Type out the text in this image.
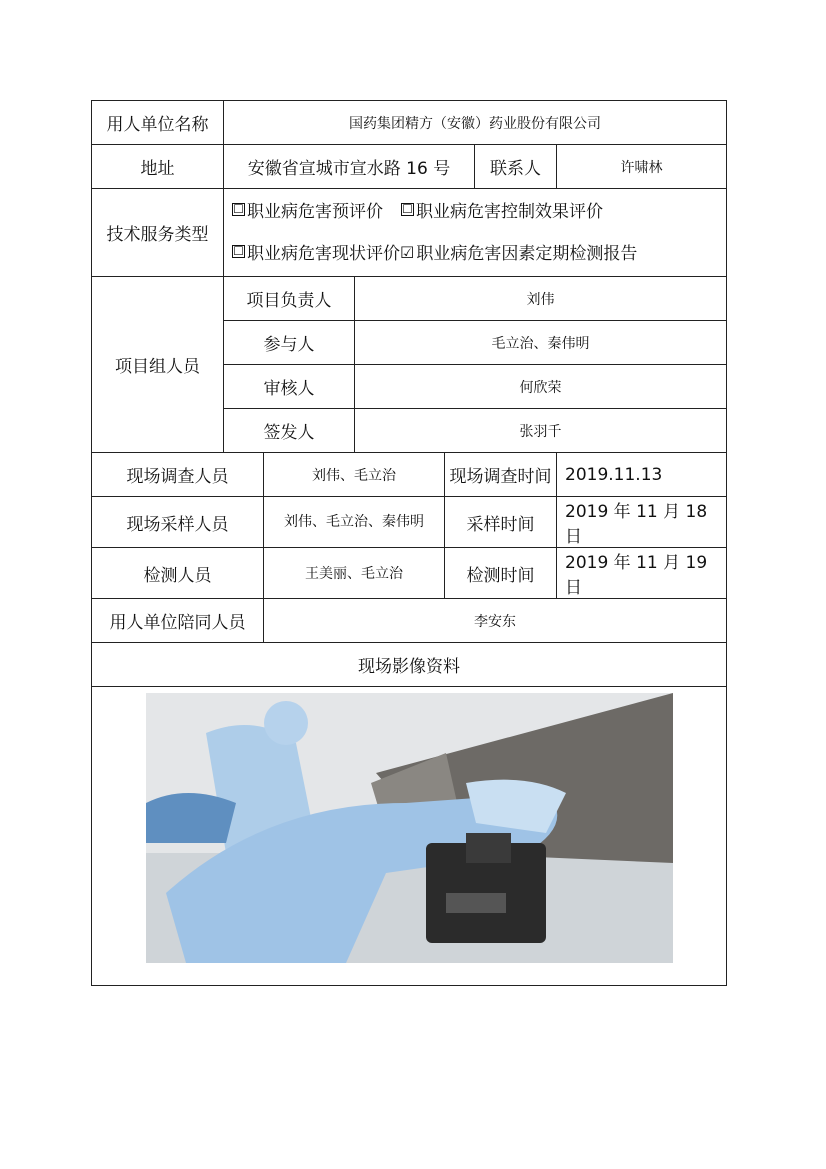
用人单位名称	国药集团精方（安徽）药业股份有限公司					
地址	安徽省宣城市宣水路 16 号				联系人	许啸林
技术服务类型	☐ 职业病危害预评价 ☐ 职业病危害控制效果评价
☐ 职业病危害现状评价☑ 职业病危害因素定期检测报告					

项目组人员	项目负责人		刘伟			
	参与人		毛立治、秦伟明			
	审核人		何欣荣			
	签发人		张羽千			
现场调查人员		刘伟、毛立治		现场调查时间		2019.11.13
现场采样人员		刘伟、毛立治、秦伟明		采样时间		2019 年 11 月 18 日
检测人员		王美丽、毛立治		检测时间		2019 年 11 月 19 日
用人单位陪同人员		李安东				
现场影像资料						
